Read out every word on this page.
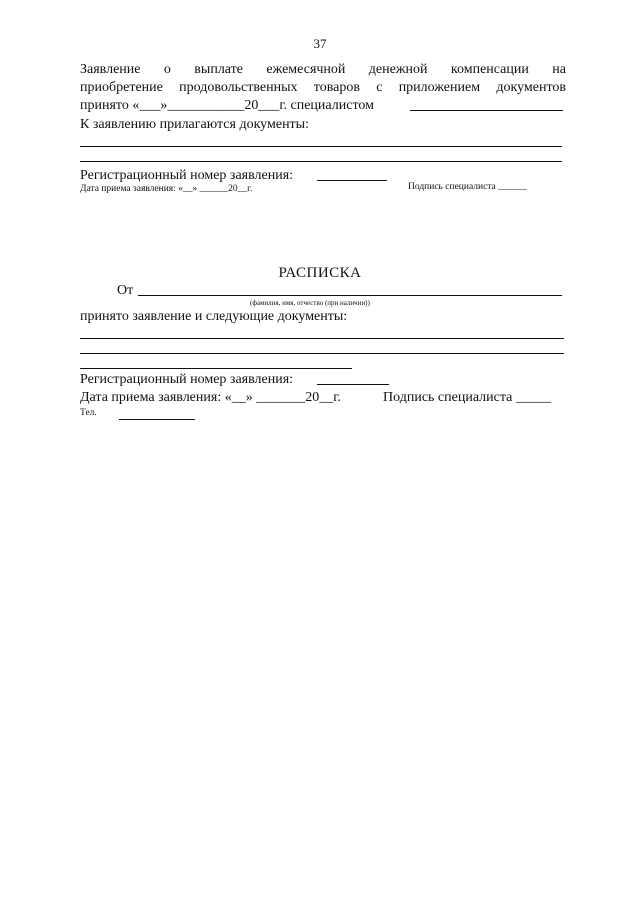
37
Заявление о выплате ежемесячной денежной компенсации на
приобретение продовольственных товаров с приложением документов
принято «___»___________20___г. специалистом
К заявлению прилагаются документы:
Регистрационный номер заявления:
Дата приема заявления: «__» ______20__г.	Подпись специалиста ______
РАСПИСКА
От
(фамилия, имя, отчество (при наличии))
принято заявление и следующие документы:
Регистрационный номер заявления:
Дата приема заявления: «__» _______20__г.	Подпись специалиста _____
Тел.
